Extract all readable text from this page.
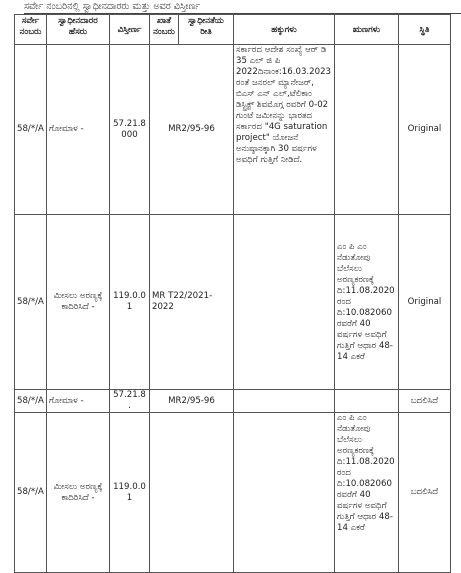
ಸರ್ವೇ ನಂಬರಿನಲ್ಲಿ ಸ್ವಾಧೀನದಾರರು ಮತ್ತು ಅವರ ವಿಸ್ತೀರ್ಣ
ಸರ್ವೇ ನಂಬರು	ಸ್ವಾಧೀನದಾರರ ಹೆಸರು	ವಿಸ್ತೀರ್ಣ	ಖಾತೆ ನಂಬರು	ಸ್ವಾಧೀನತೆಯ ರೀತಿ	ಹಕ್ಕುಗಳು	ಋಣಗಳು	ಸ್ಥಿತಿ
58/*/A	ಗೋಮಾಳ -	57.21.8 000	MR2/95-96		ಸರ್ಕಾರದ ಆದೇಶ ಸಂಖ್ಯೆ ಆರ್ ಡಿ 35 ಎಲ್ ಜಿ ಪಿ 2022ದಿನಾಂಕ:16.03.2023 ರಂತೆ ಜನರಲ್ ಮ್ಯಾನೇಜರ್, ಬಿಎಸ್ ಎನ್ ಎಲ್,ಟೆಲಿಕಾಂ ಡಿಸ್ಟ್ರಿಕ್ಟ್ ಶಿವಮೊಗ್ಗ ರವರಿಗೆ 0-02 ಗುಂಟೆ ಜಮೀನನ್ನು ಭಾರತದ ಸರ್ಕಾರದ "4G saturation project" ಯೋಜನೆ ಅನುಷ್ಠಾನಕ್ಕಾಗಿ 30 ವರ್ಷಗಳ ಅವಧಿಗೆ ಗುತ್ತಿಗೆ ನೀಡಿದೆ.		Original
58/*/A	ಮೀಸಲು ಅರಣ್ಯಕ್ಕೆ ಕಾದಿರಿಸಿದೆ -	119.0.0 1	MR T22/2021-2022			ಎಂ ಪಿ ಎಂ ನೆಡುತೋಪು ಬೆಲೆಸಲು ಅರಣ್ಯಕರಣಕ್ಕೆ ದಿ:11.08.2020 ರಂದ ದಿ:10.082060 ರವರೆಗೆ 40 ವರ್ಷಗಳ ಅವಧಿಗೆ ಗುತ್ತಿಗೆ ಆಧಾರ 48-14 ಎಕರೆ	Original
58/*/A	ಗೋಮಾಳ -	57.21.8 .	MR2/95-96				ಬದಲಿಸಿದೆ
58/*/A	ಮೀಸಲು ಅರಣ್ಯಕ್ಕೆ ಕಾದಿರಿಸಿದೆ -	119.0.0 1				ಎಂ ಪಿ ಎಂ ನೆಡುತೋಪು ಬೆಲೆಸಲು ಅರಣ್ಯಕರಣಕ್ಕೆ ದಿ:11.08.2020 ರಂದ ದಿ:10.082060 ರವರೆಗೆ 40 ವರ್ಷಗಳ ಅವಧಿಗೆ ಗುತ್ತಿಗೆ ಆಧಾರ 48-14 ಎಕರೆ	ಬದಲಿಸಿದೆ
